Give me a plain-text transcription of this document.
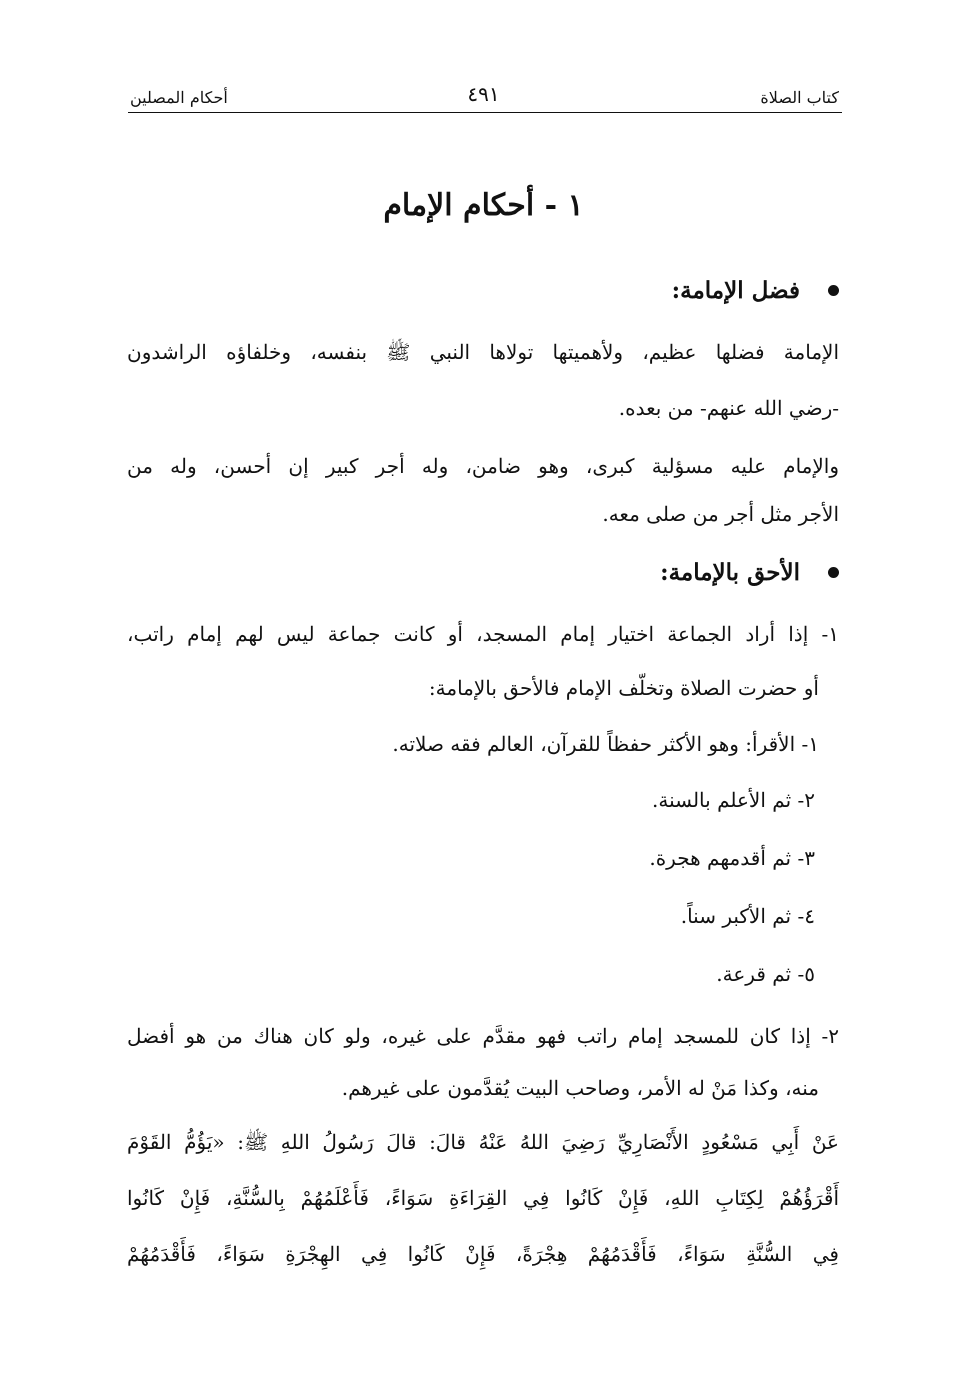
كتاب الصلاة
٤٩١
أحكام المصلين
١ - أحكام الإمام
فضل الإمامة:
الإمامة فضلها عظيم، ولأهميتها تولاها النبي ﷺ بنفسه، وخلفاؤه الراشدون
-رضي الله عنهم- من بعده.
والإمام عليه مسؤلية كبرى، وهو ضامن، وله أجر كبير إن أحسن، وله من
الأجر مثل أجر من صلى معه.
الأحق بالإمامة:
١- إذا أراد الجماعة اختيار إمام المسجد، أو كانت جماعة ليس لهم إمام راتب،
أو حضرت الصلاة وتخلّف الإمام فالأحق بالإمامة:
١- الأقرأ: وهو الأكثر حفظاً للقرآن، العالم فقه صلاته.
٢- ثم الأعلم بالسنة.
٣- ثم أقدمهم هجرة.
٤- ثم الأكبر سناً.
٥- ثم قرعة.
٢- إذا كان للمسجد إمام راتب فهو مقدَّم على غيره، ولو كان هناك من هو أفضل
منه، وكذا مَنْ له الأمر، وصاحب البيت يُقدَّمون على غيرهم.
عَنْ أَبِي مَسْعُودٍ الأَنْصَارِيِّ رَضِيَ اللهُ عَنْهُ قالَ: قالَ رَسُولُ اللهِ ﷺ: «يَؤُمُّ القَوْمَ
أَقْرَؤُهُمْ لِكِتَابِ اللهِ، فَإِنْ كَانُوا فِي القِرَاءَةِ سَوَاءً، فَأَعْلَمُهُمْ بِالسُّنَّةِ، فَإِنْ كَانُوا
فِي السُّنَّةِ سَوَاءً، فَأَقْدَمُهُمْ هِجْرَةً، فَإِنْ كَانُوا فِي الهِجْرَةِ سَوَاءً، فَأَقْدَمُهُمْ
